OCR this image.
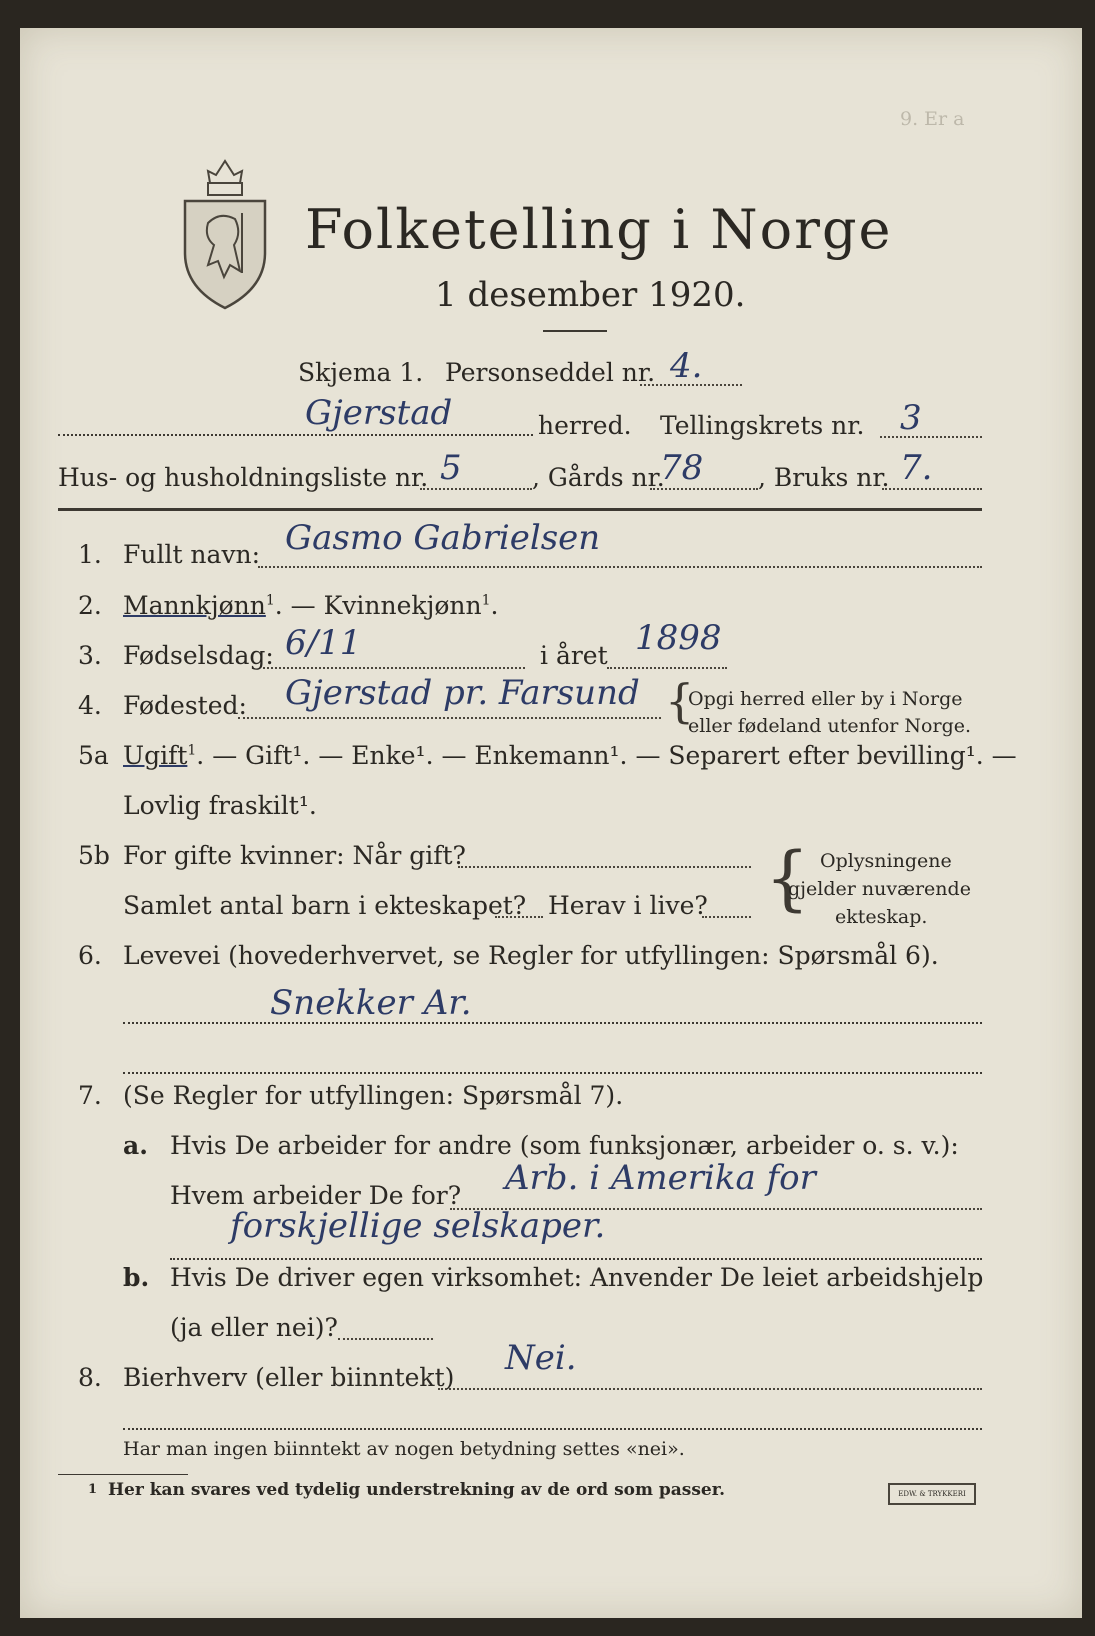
Folketelling i Norge
1 desember 1920.
9. Er a
Skjema 1. Personseddel nr. 4.
Gjerstad	herred. Tellingskrets nr. 3
Hus- og husholdningsliste nr. 5	, Gårds nr.
78 , Bruks nr. 7.
1. Fullt navn: Gasmo Gabrielsen
2. Mannkjønn$^1$. — Kvinnekjønn$^1$.
3. Fødselsdag: 6/11	i året 1898
4. Fødested: Gjerstad pr. Farsund {
Opgi herred eller by i Norge
eller fødeland utenfor Norge.
5a Ugift$^1$. — Gift¹. — Enke¹. — Enkemann¹. — Separert efter bevilling¹. —
Lovlig fraskilt¹.
5b For gifte kvinner: Når gift?
Samlet antal barn i ekteskapet? Herav i live? { Oplysningene
gjelder nuværende
ekteskap.
6. Levevei (hovederhvervet, se Regler for utfyllingen: Spørsmål 6).
Snekker Ar.
7. (Se Regler for utfyllingen: Spørsmål 7).
a. Hvis De arbeider for andre (som funksjonær, arbeider o. s. v.):
Hvem arbeider De for? Arb. i Amerika for
forskjellige selskaper.
b. Hvis De driver egen virksomhet: Anvender De leiet arbeidshjelp
(ja eller nei)?
8. Bierhverv (eller biinntekt) Nei.
Har man ingen biinntekt av nogen betydning settes «nei».
1 Her kan svares ved tydelig understrekning av de ord som passer.	EDW. & TRYKKERI
